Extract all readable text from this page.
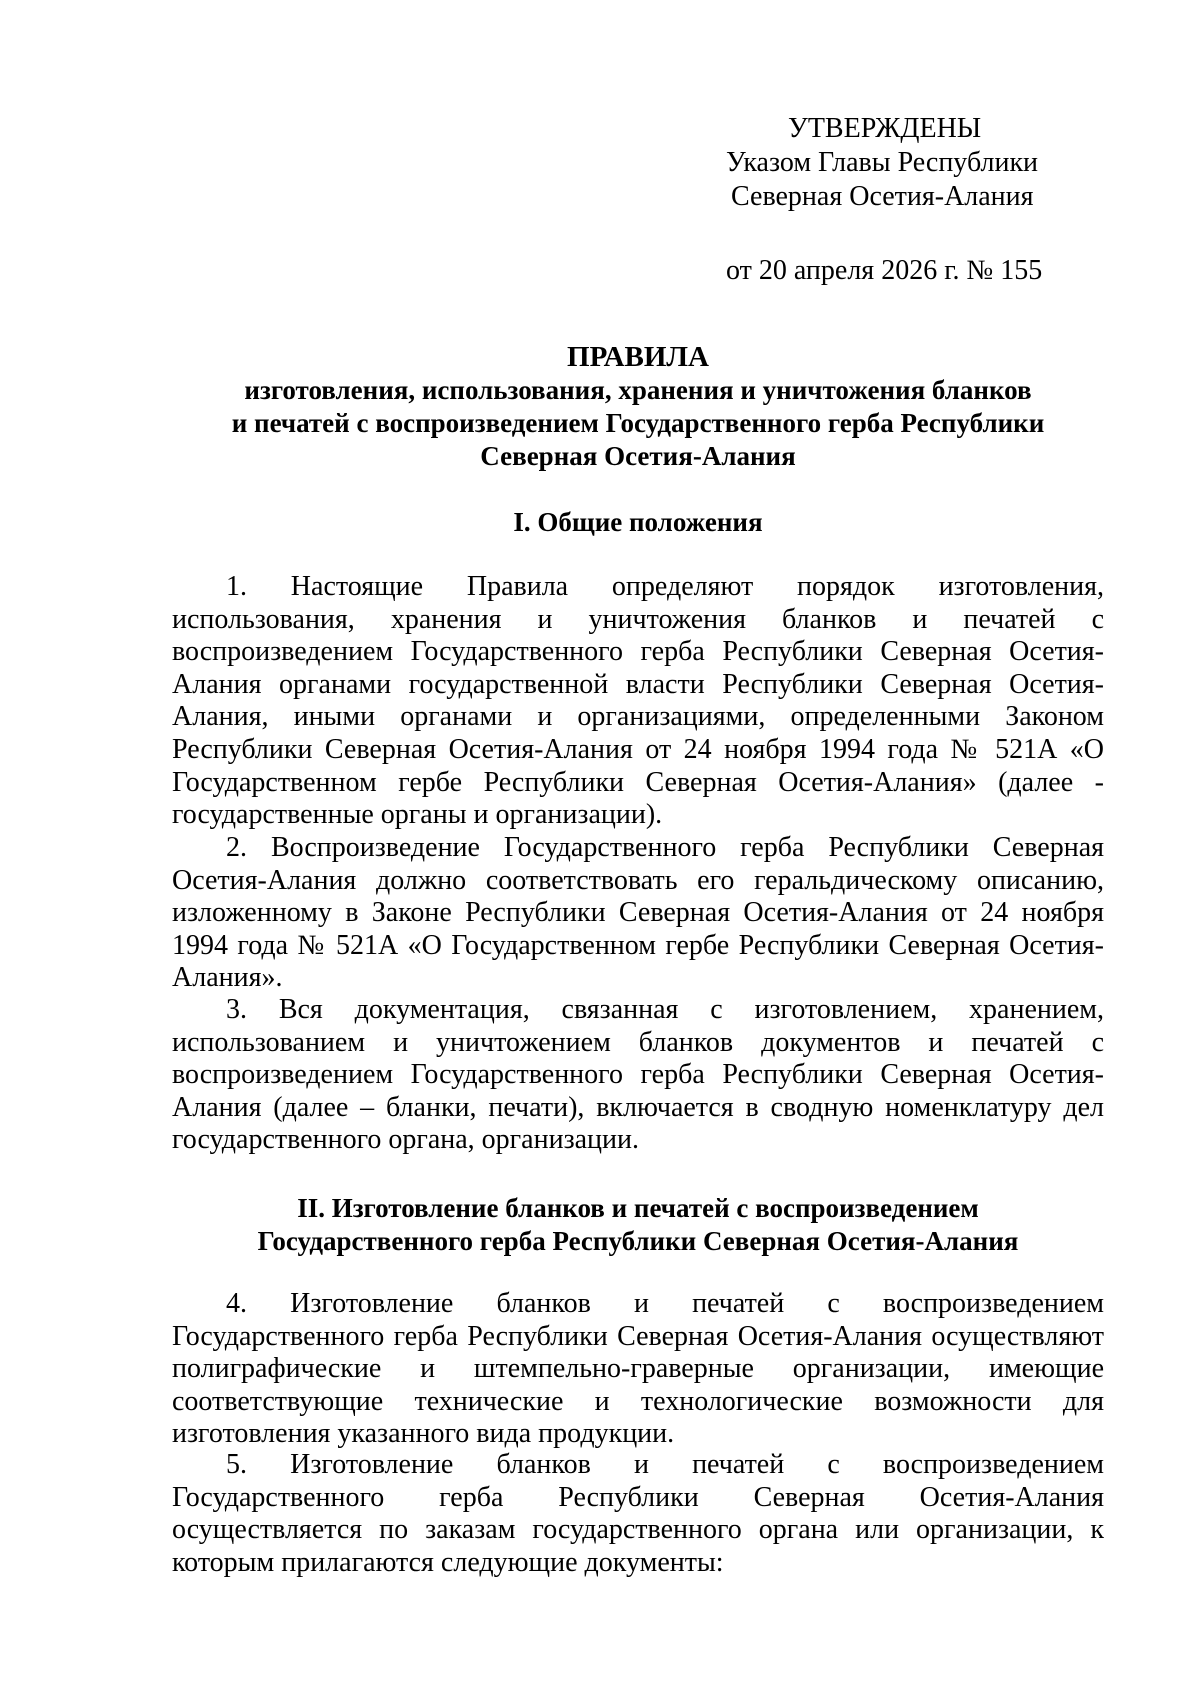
УТВЕРЖДЕНЫ
Указом Главы Республики
Северная Осетия-Алания
от 20 апреля 2026 г. № 155
ПРАВИЛА
изготовления, использования, хранения и уничтожения бланков
и печатей с воспроизведением Государственного герба Республики
Северная Осетия-Алания
I. Общие положения
1. Настоящие Правила определяют порядок изготовления, использования, хранения и уничтожения бланков и печатей с воспроизведением Государственного герба Республики Северная Осетия-Алания органами государственной власти Республики Северная Осетия-Алания, иными органами и организациями, определенными Законом Республики Северная Осетия-Алания от 24 ноября 1994 года № 521А «О Государственном гербе Республики Северная Осетия-Алания» (далее - государственные органы и организации).
2. Воспроизведение Государственного герба Республики Северная Осетия-Алания должно соответствовать его геральдическому описанию, изложенному в Законе Республики Северная Осетия-Алания от 24 ноября 1994 года № 521А «О Государственном гербе Республики Северная Осетия-Алания».
3. Вся документация, связанная с изготовлением, хранением, использованием и уничтожением бланков документов и печатей с воспроизведением Государственного герба Республики Северная Осетия-Алания (далее – бланки, печати), включается в сводную номенклатуру дел государственного органа, организации.
II. Изготовление бланков и печатей с воспроизведением
Государственного герба Республики Северная Осетия-Алания
4. Изготовление бланков и печатей с воспроизведением Государственного герба Республики Северная Осетия-Алания осуществляют полиграфические и штемпельно-граверные организации, имеющие соответствующие технические и технологические возможности для изготовления указанного вида продукции.
5. Изготовление бланков и печатей с воспроизведением Государственного герба Республики Северная Осетия-Алания осуществляется по заказам государственного органа или организации, к которым прилагаются следующие документы:
